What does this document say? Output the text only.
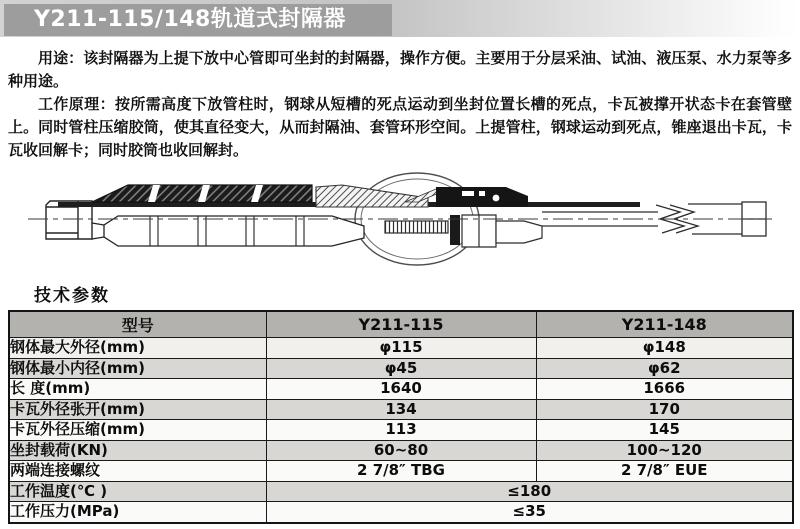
Y211-115/148轨道式封隔器

用途：该封隔器为上提下放中心管即可坐封的封隔器，操作方便。主要用于分层采油、试油、液压泵、水力泵等多种用途。

工作原理：按所需高度下放管柱时，钢球从短槽的死点运动到坐封位置长槽的死点，卡瓦被撑开状态卡在套管壁上。同时管柱压缩胶筒，使其直径变大，从而封隔油、套管环形空间。上提管柱，钢球运动到死点，锥座退出卡瓦，卡瓦收回解卡；同时胶筒也收回解封。

技术参数
型号	Y211-115	Y211-148
钢体最大外径(mm)	φ115	φ148
钢体最小内径(mm)	φ45	φ62
长 度(mm)	1640	1666
卡瓦外径张开(mm)	134	170
卡瓦外径压缩(mm)	113	145
坐封载荷(KN)	60~80	100~120
两端连接螺纹	2 7/8″ TBG	2 7/8″ EUE
工作温度(℃ )	≤180	
工作压力(MPa)	≤35	
